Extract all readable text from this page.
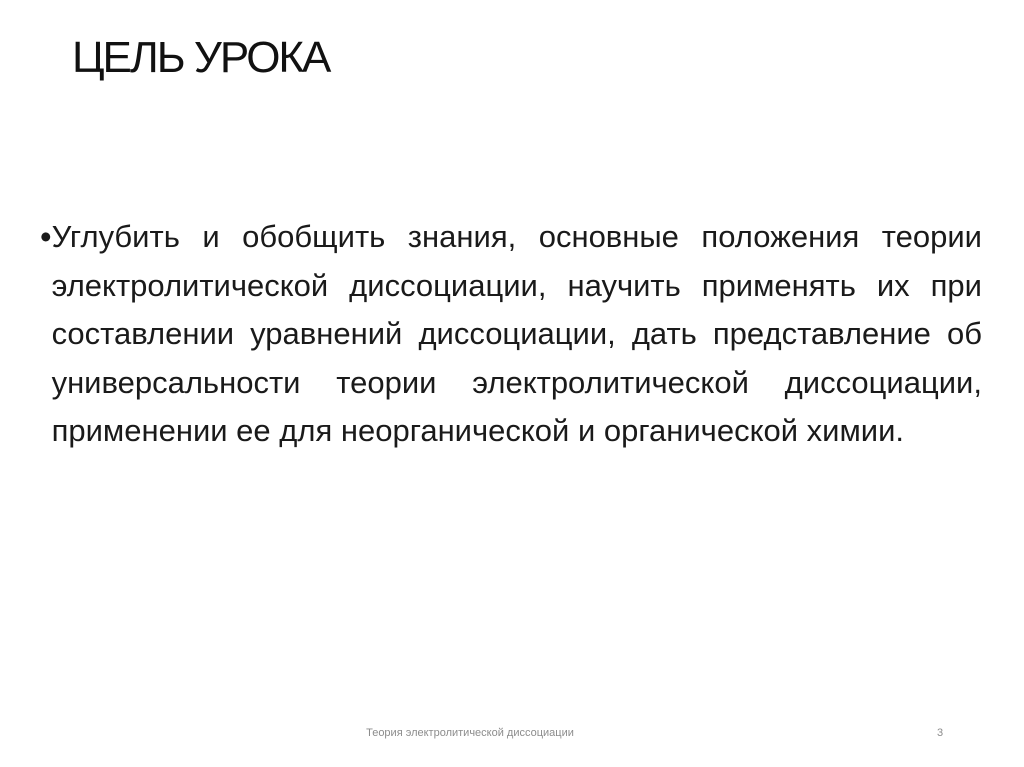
ЦЕЛЬ УРОКА
• Углубить и обобщить знания, основные положения теории электролитической диссоциации, научить применять их при составлении уравнений диссоциации, дать представление об универсальности теории электролитической диссоциации, применении ее для неорганической и органической химии.

Теория электролитической диссоциации	3
